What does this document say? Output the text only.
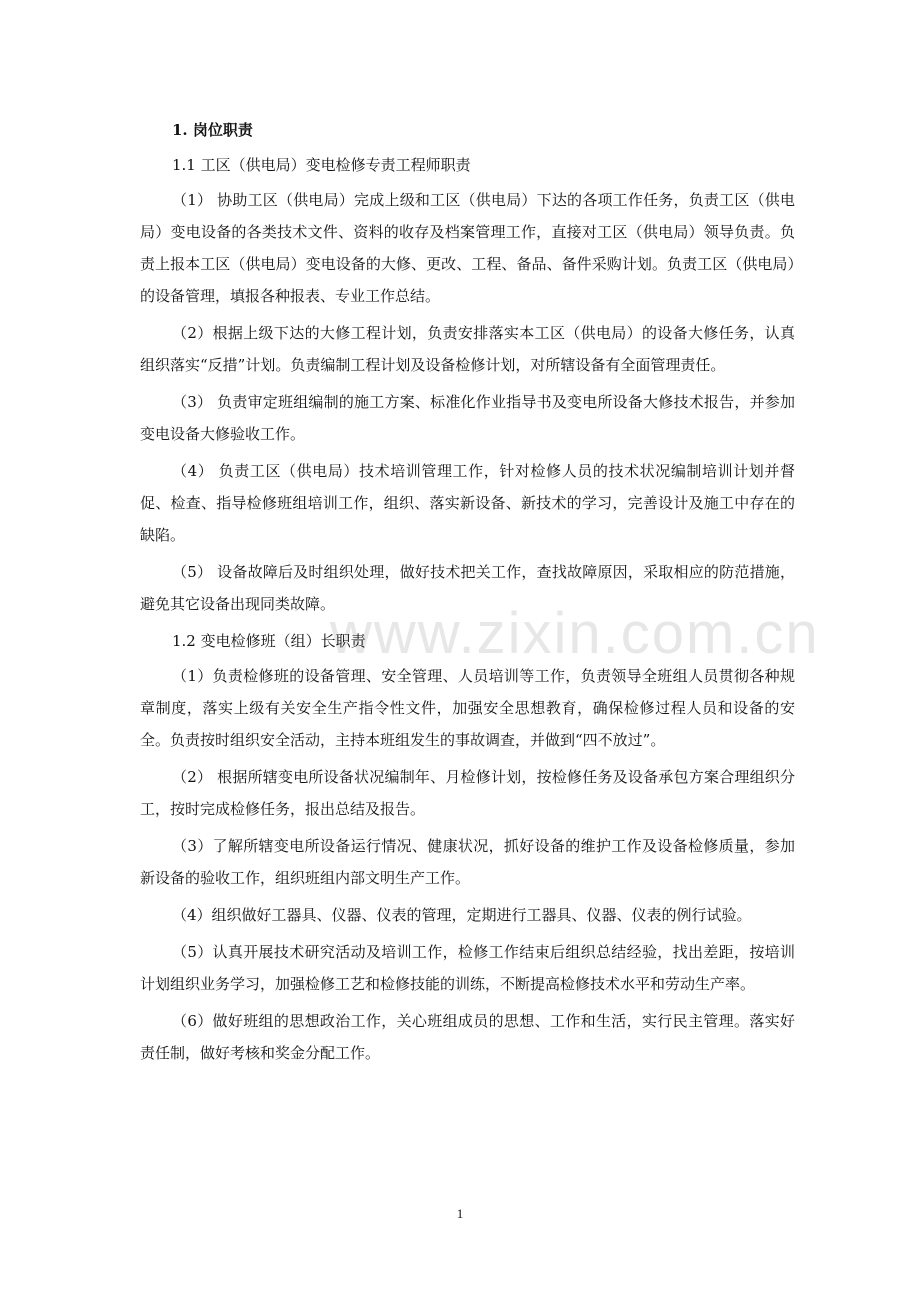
www.zixin.com.cn

1. 岗位职责

1.1 工区（供电局）变电检修专责工程师职责

（1） 协助工区（供电局）完成上级和工区（供电局）下达的各项工作任务，负责工区（供电局）变电设备的各类技术文件、资料的收存及档案管理工作，直接对工区（供电局）领导负责。负责上报本工区（供电局）变电设备的大修、更改、工程、备品、备件采购计划。负责工区（供电局）的设备管理，填报各种报表、专业工作总结。

（2）根据上级下达的大修工程计划，负责安排落实本工区（供电局）的设备大修任务，认真组织落实“反措”计划。负责编制工程计划及设备检修计划，对所辖设备有全面管理责任。

（3） 负责审定班组编制的施工方案、标准化作业指导书及变电所设备大修技术报告，并参加变电设备大修验收工作。

（4） 负责工区（供电局）技术培训管理工作，针对检修人员的技术状况编制培训计划并督促、检查、指导检修班组培训工作，组织、落实新设备、新技术的学习，完善设计及施工中存在的缺陷。

（5） 设备故障后及时组织处理，做好技术把关工作，查找故障原因，采取相应的防范措施，避免其它设备出现同类故障。

1.2 变电检修班（组）长职责

（1）负责检修班的设备管理、安全管理、人员培训等工作，负责领导全班组人员贯彻各种规章制度，落实上级有关安全生产指令性文件，加强安全思想教育，确保检修过程人员和设备的安全。负责按时组织安全活动，主持本班组发生的事故调查，并做到“四不放过”。

（2） 根据所辖变电所设备状况编制年、月检修计划，按检修任务及设备承包方案合理组织分工，按时完成检修任务，报出总结及报告。

（3）了解所辖变电所设备运行情况、健康状况，抓好设备的维护工作及设备检修质量，参加新设备的验收工作，组织班组内部文明生产工作。

（4）组织做好工器具、仪器、仪表的管理，定期进行工器具、仪器、仪表的例行试验。

（5）认真开展技术研究活动及培训工作，检修工作结束后组织总结经验，找出差距，按培训计划组织业务学习，加强检修工艺和检修技能的训练，不断提高检修技术水平和劳动生产率。

（6）做好班组的思想政治工作，关心班组成员的思想、工作和生活，实行民主管理。落实好责任制，做好考核和奖金分配工作。

1
